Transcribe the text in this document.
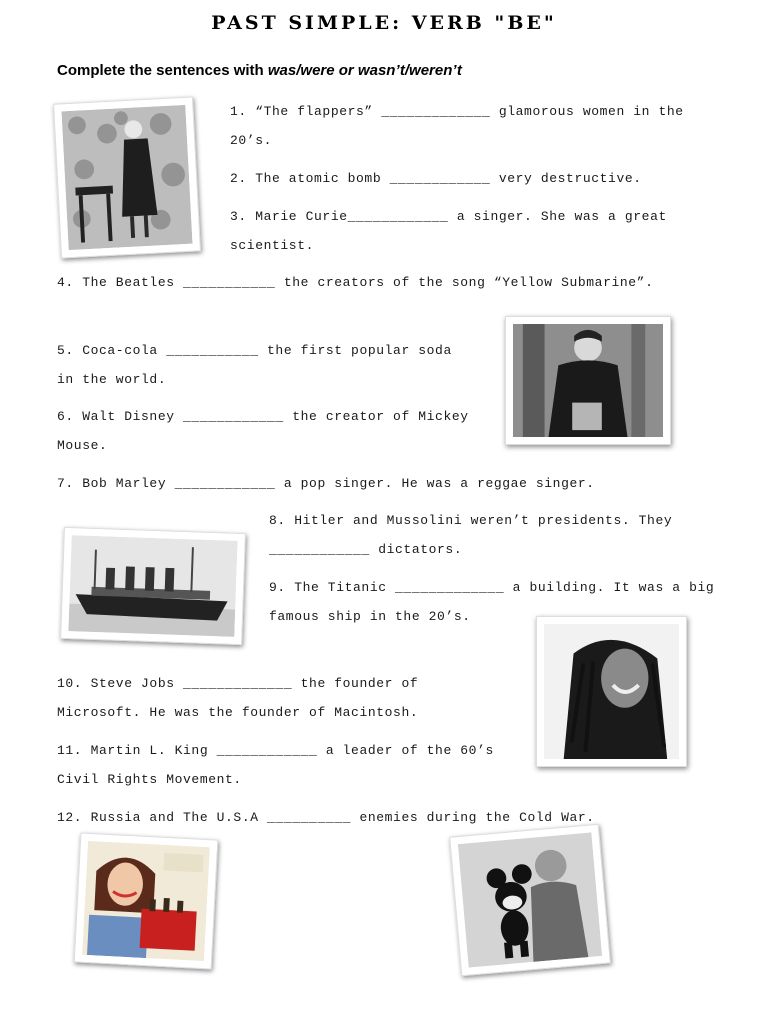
PAST SIMPLE: VERB "BE"
Complete the sentences with was/were or wasn’t/weren’t
1. “The flappers” _____________ glamorous women in the 20’s.
2. The atomic bomb ____________ very destructive.
3. Marie Curie____________ a singer. She was a great scientist.
4. The Beatles ___________ the creators of the song “Yellow Submarine”.
5. Coca-cola ___________ the first popular soda in the world.
6. Walt Disney ____________ the creator of Mickey Mouse.
7. Bob Marley ____________ a pop singer. He was a reggae singer.
8. Hitler and Mussolini weren’t presidents. They ____________ dictators.
9. The Titanic _____________ a building. It was a big famous ship in the 20’s.
10. Steve Jobs _____________ the founder of Microsoft. He was the founder of Macintosh.
11. Martin L. King ____________ a leader of the 60’s Civil Rights Movement.
12. Russia and The U.S.A __________ enemies during the Cold War.
